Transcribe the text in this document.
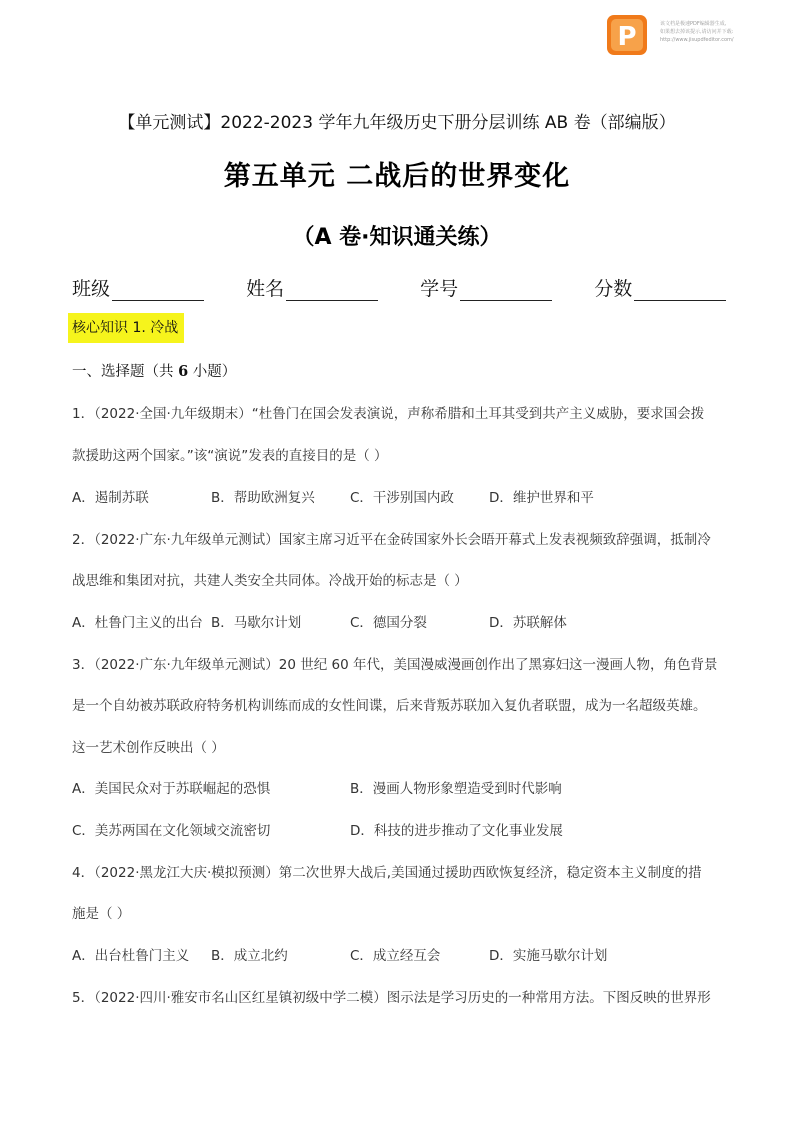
P	该文档是极速PDF编辑器生成,
如果想去掉该提示,请访问并下载:
http://www.jisupdfeditor.com/
【单元测试】2022-2023 学年九年级历史下册分层训练 AB 卷（部编版）
第五单元 二战后的世界变化
（A 卷·知识通关练）
班级	姓名	学号	分数
核心知识 1. 冷战
一、选择题（共 6 小题）
1．（2022·全国·九年级期末）“杜鲁门在国会发表演说，声称希腊和土耳其受到共产主义威胁，要求国会拨
款援助这两个国家。”该“演说”发表的直接目的是（ ）
A．遏制苏联	B．帮助欧洲复兴	C．干涉别国内政	D．维护世界和平
2．（2022·广东·九年级单元测试）国家主席习近平在金砖国家外长会晤开幕式上发表视频致辞强调，抵制冷
战思维和集团对抗，共建人类安全共同体。冷战开始的标志是（ ）
A．杜鲁门主义的出台 B．马歇尔计划	C．德国分裂	D．苏联解体
3．（2022·广东·九年级单元测试）20 世纪 60 年代，美国漫威漫画创作出了黑寡妇这一漫画人物，角色背景
是一个自幼被苏联政府特务机构训练而成的女性间谍，后来背叛苏联加入复仇者联盟，成为一名超级英雄。
这一艺术创作反映出（ ）
A．美国民众对于苏联崛起的恐惧	B．漫画人物形象塑造受到时代影响
C．美苏两国在文化领域交流密切	D．科技的进步推动了文化事业发展
4．（2022·黑龙江大庆·模拟预测）第二次世界大战后,美国通过援助西欧恢复经济，稳定资本主义制度的措
施是（ ）
A．出台杜鲁门主义 B．成立北约	C．成立经互会	D．实施马歇尔计划
5．（2022·四川·雅安市名山区红星镇初级中学二模）图示法是学习历史的一种常用方法。下图反映的世界形
